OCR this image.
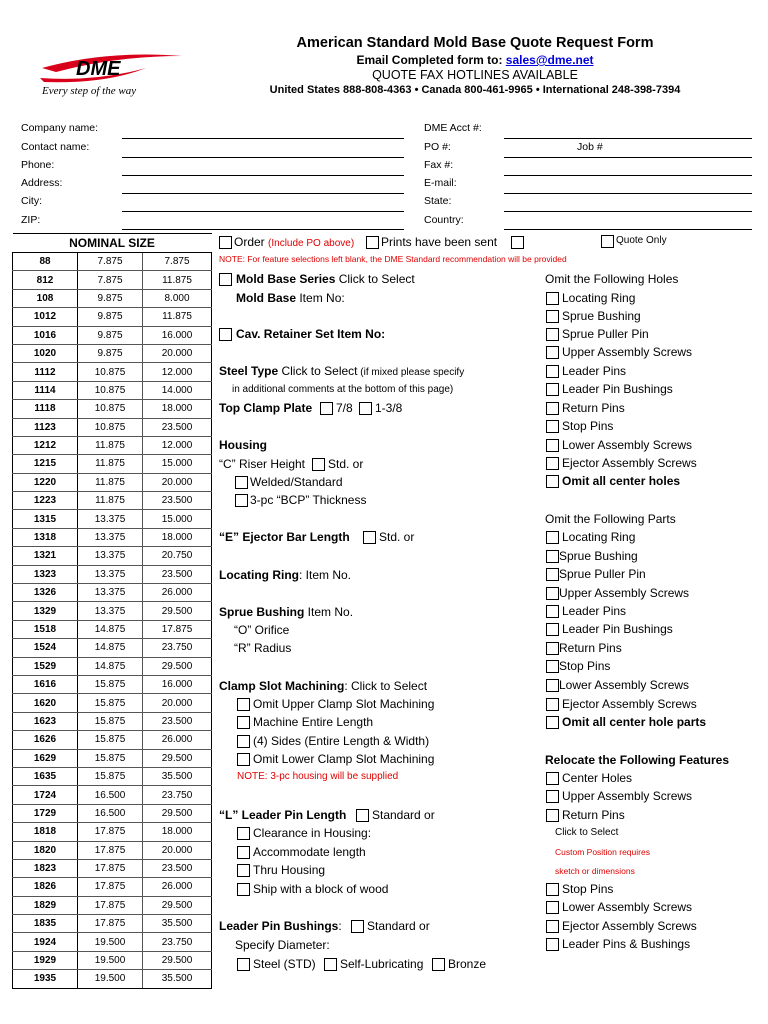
DME
Every step of the way
American Standard Mold Base Quote Request Form
Email Completed form to: sales@dme.net
QUOTE FAX HOTLINES AVAILABLE
United States 888-808-4363 • Canada 800-461-9965 • International 248-398-7394
Company name:
Contact name:
Phone:
Address:
City:
ZIP:
DME Acct #:
PO #:	Job #
Fax #:
E-mail:
State:
Country:
NOMINAL SIZE		
88	7.875	7.875
812	7.875	11.875
108	9.875	8.000
1012	9.875	11.875
1016	9.875	16.000
1020	9.875	20.000
1112	10.875	12.000
1114	10.875	14.000
1118	10.875	18.000
1123	10.875	23.500
1212	11.875	12.000
1215	11.875	15.000
1220	11.875	20.000
1223	11.875	23.500
1315	13.375	15.000
1318	13.375	18.000
1321	13.375	20.750
1323	13.375	23.500
1326	13.375	26.000
1329	13.375	29.500
1518	14.875	17.875
1524	14.875	23.750
1529	14.875	29.500
1616	15.875	16.000
1620	15.875	20.000
1623	15.875	23.500
1626	15.875	26.000
1629	15.875	29.500
1635	15.875	35.500
1724	16.500	23.750
1729	16.500	29.500
1818	17.875	18.000
1820	17.875	20.000
1823	17.875	23.500
1826	17.875	26.000
1829	17.875	29.500
1835	17.875	35.500
1924	19.500	23.750
1929	19.500	29.500
1935	19.500	35.500
Order (Include PO above) Prints have been sent	Quote Only
NOTE: For feature selections left blank, the DME Standard recommendation will be provided
Mold Base Series Click to Select
Mold Base Item No:
Cav. Retainer Set Item No:
Steel Type Click to Select (if mixed please specify
in additional comments at the bottom of this page)
Top Clamp Plate 7/8 1-3/8
Housing
“C” Riser Height Std. or
Welded/Standard
3-pc “BCP” Thickness
“E” Ejector Bar Length Std. or
Locating Ring: Item No.
Sprue Bushing Item No.
“O” Orifice
“R” Radius
Clamp Slot Machining: Click to Select
Omit Upper Clamp Slot Machining
Machine Entire Length
(4) Sides (Entire Length & Width)
Omit Lower Clamp Slot Machining
NOTE: 3-pc housing will be supplied
“L” Leader Pin Length Standard or
Clearance in Housing:
Accommodate length
Thru Housing
Ship with a block of wood
Leader Pin Bushings: Standard or
Specify Diameter:
Steel (STD) Self-Lubricating Bronze
Omit the Following Holes
Locating Ring
Sprue Bushing
Sprue Puller Pin
Upper Assembly Screws
Leader Pins
Leader Pin Bushings
Return Pins
Stop Pins
Lower Assembly Screws
Ejector Assembly Screws
Omit all center holes
Omit the Following Parts
Locating Ring
Sprue Bushing
Sprue Puller Pin
Upper Assembly Screws
Leader Pins
Leader Pin Bushings
Return Pins
Stop Pins
Lower Assembly Screws
Ejector Assembly Screws
Omit all center hole parts
Relocate the Following Features
Center Holes
Upper Assembly Screws
Return Pins
Click to Select
Custom Position requires
sketch or dimensions
Stop Pins
Lower Assembly Screws
Ejector Assembly Screws
Leader Pins & Bushings
